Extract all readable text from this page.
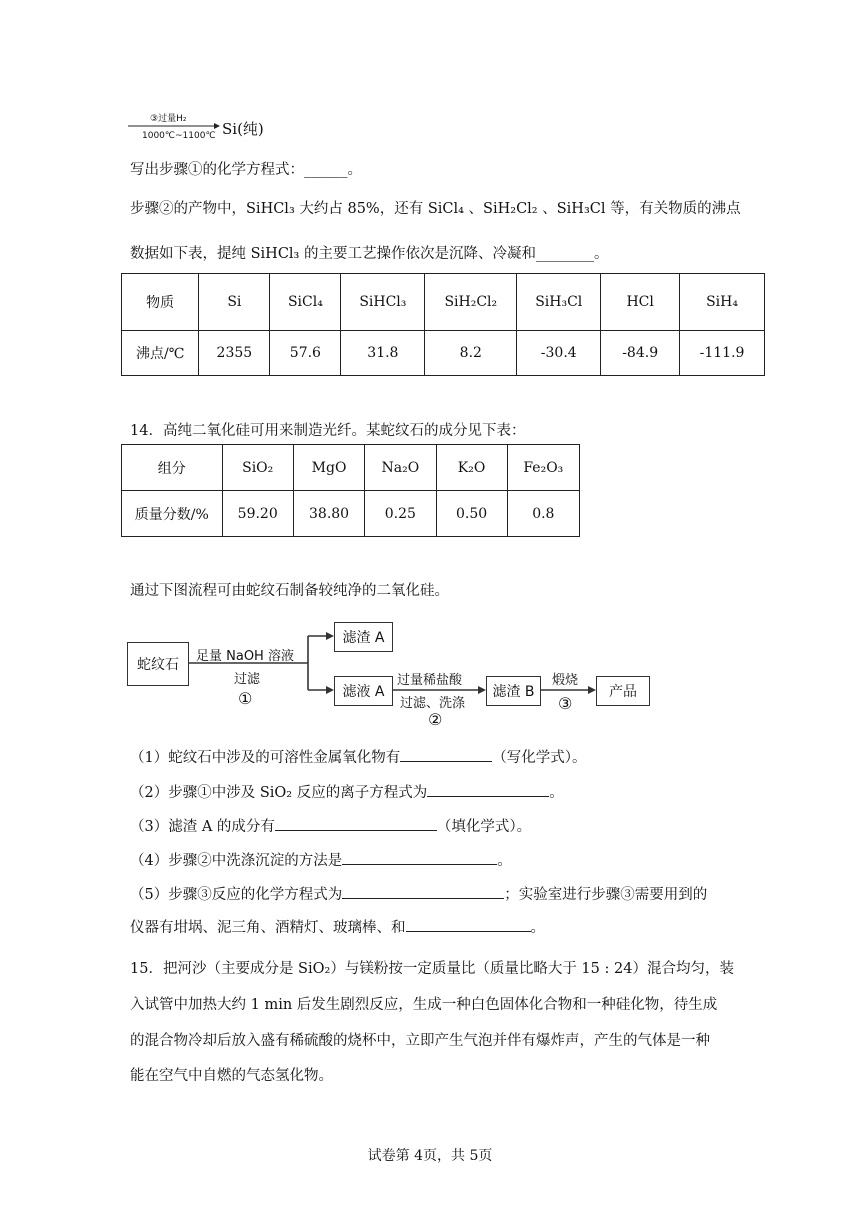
③过量H₂
1000℃~1100℃ Si(纯)
写出步骤①的化学方程式：______。
步骤②的产物中，SiHCl₃ 大约占 85%，还有 SiCl₄ 、SiH₂Cl₂ 、SiH₃Cl 等，有关物质的沸点
数据如下表，提纯 SiHCl₃ 的主要工艺操作依次是沉降、冷凝和________。
物质	Si	SiCl₄	SiHCl₃	SiH₂Cl₂	SiH₃Cl	HCl	SiH₄
沸点/℃	2355	57.6	31.8	8.2	-30.4	-84.9	-111.9
14．高纯二氧化硅可用来制造光纤。某蛇纹石的成分见下表：
组分	SiO₂	MgO	Na₂O	K₂O	Fe₂O₃
质量分数/%	59.20	38.80	0.25	0.50	0.8
通过下图流程可由蛇纹石制备较纯净的二氧化硅。
蛇纹石
足量 NaOH 溶液
过滤
①
滤渣 A
滤液 A
过量稀盐酸
过滤、洗涤
②
滤渣 B
煅烧
③
产品
（1）蛇纹石中涉及的可溶性金属氧化物有	（写化学式）。
（2）步骤①中涉及 SiO₂ 反应的离子方程式为	。
（3）滤渣 A 的成分有	（填化学式）。
（4）步骤②中洗涤沉淀的方法是	。
（5）步骤③反应的化学方程式为	；实验室进行步骤③需要用到的
仪器有坩埚、泥三角、酒精灯、玻璃棒、和	。
15．把河沙（主要成分是 SiO₂）与镁粉按一定质量比（质量比略大于 15 : 24）混合均匀，装
入试管中加热大约 1 min 后发生剧烈反应，生成一种白色固体化合物和一种硅化物，待生成
的混合物冷却后放入盛有稀硫酸的烧杯中，立即产生气泡并伴有爆炸声，产生的气体是一种
能在空气中自燃的气态氢化物。
试卷第 4页，共 5页
